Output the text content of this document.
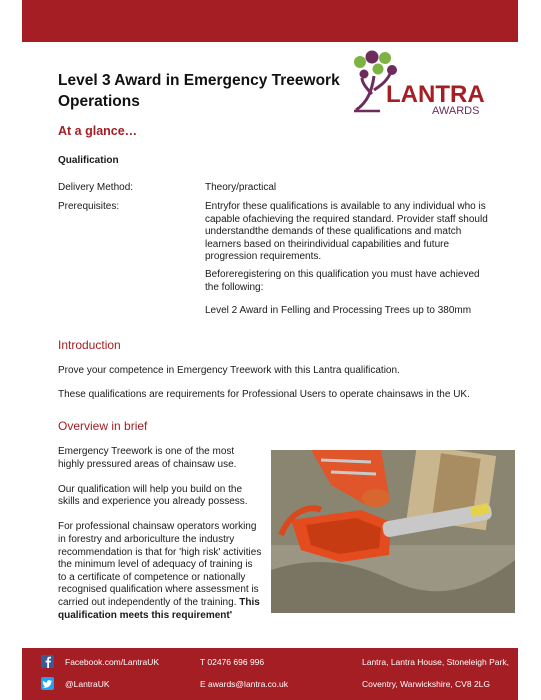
Level 3 Award in Emergency Treework Operations	LANTRA
AWARDS
At a glance…
Qualification
Delivery Method:	Theory/practical
Prerequisites:	Entryfor these qualifications is available to any individual who is capable ofachieving the required standard. Provider staff should understandthe demands of these qualifications and match learners based on theirindividual capabilities and future progression requirements.
Beforeregistering on this qualification you must have achieved the following:
Level 2 Award in Felling and Processing Trees up to 380mm
Introduction
Prove your competence in Emergency Treework with this Lantra qualification.
These qualifications are requirements for Professional Users to operate chainsaws in the UK.
Overview in brief
Emergency Treework is one of the most highly pressured areas of chainsaw use.
Our qualification will help you build on the skills and experience you already possess.
For professional chainsaw operators working in forestry and arboriculture the industry recommendation is that for 'high risk' activities the minimum level of adequacy of training is to a certificate of competence or nationally recognised qualification where assessment is carried out independently of the training. This qualification meets this requirement'
Facebook.com/LantraUK
@LantraUK
T 02476 696 996
E awards@lantra.co.uk
Lantra, Lantra House, Stoneleigh Park,
Coventry, Warwickshire, CV8 2LG
